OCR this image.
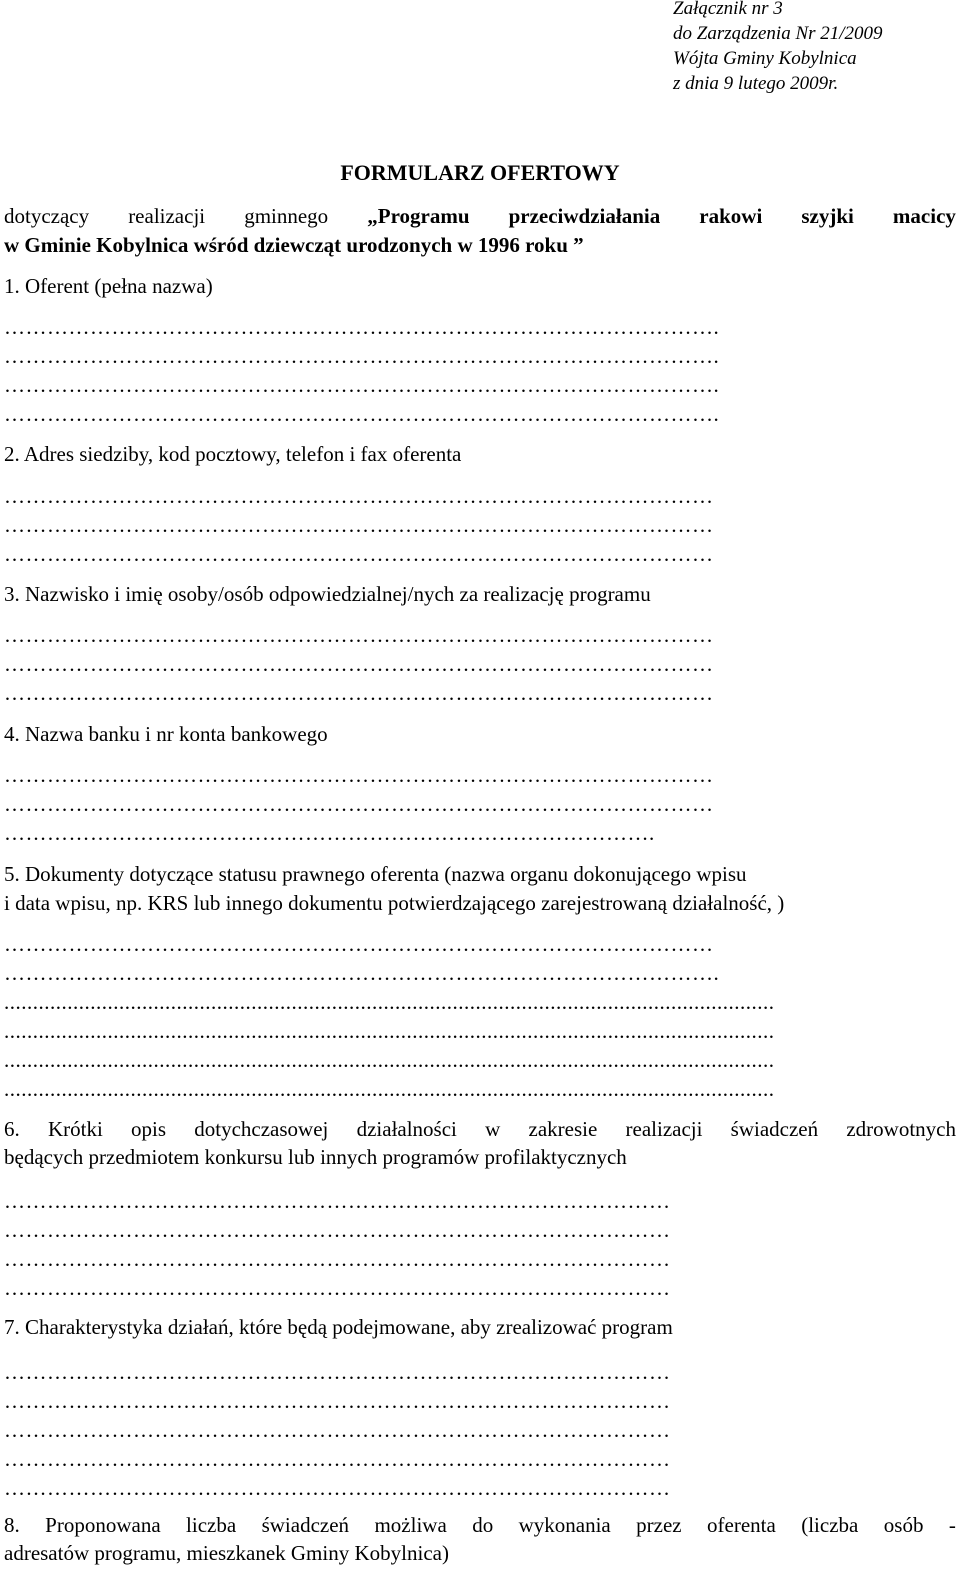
Załącznik nr 3
do Zarządzenia Nr 21/2009
Wójta Gminy Kobylnica
z dnia 9 lutego 2009r.
FORMULARZ OFERTOWY
dotyczący realizacji gminnego „Programu przeciwdziałania rakowi szyjki macicy
w Gminie Kobylnica wśród dziewcząt urodzonych w 1996 roku ”
1. Oferent (pełna nazwa)
……………………………………………………………………………………….
……………………………………………………………………………………….
……………………………………………………………………………………….
……………………………………………………………………………………….
2. Adres siedziby, kod pocztowy, telefon i fax oferenta
………………………………………………………………………………………
………………………………………………………………………………………
………………………………………………………………………………………
3. Nazwisko i imię osoby/osób odpowiedzialnej/nych za realizację programu
………………………………………………………………………………………
………………………………………………………………………………………
………………………………………………………………………………………
4. Nazwa banku i nr konta bankowego
………………………………………………………………………………………
………………………………………………………………………………………
……………………………………………………………………………….
5. Dokumenty dotyczące statusu prawnego oferenta (nazwa organu dokonującego wpisu
i data wpisu, np. KRS lub innego dokumentu potwierdzającego zarejestrowaną działalność, )
………………………………………………………………………………………
……………………………………………………………………………………….
......................................................................................................................................
......................................................................................................................................
......................................................................................................................................
......................................................................................................................................
6. Krótki opis dotychczasowej działalności w zakresie realizacji świadczeń zdrowotnych
będących przedmiotem konkursu lub innych programów profilaktycznych
…………………………………………………………………………………
…………………………………………………………………………………
…………………………………………………………………………………
…………………………………………………………………………………
7. Charakterystyka działań, które będą podejmowane, aby zrealizować program
…………………………………………………………………………………
…………………………………………………………………………………
…………………………………………………………………………………
…………………………………………………………………………………
…………………………………………………………………………………
8. Proponowana liczba świadczeń możliwa do wykonania przez oferenta (liczba osób -
adresatów programu, mieszkanek Gminy Kobylnica)
